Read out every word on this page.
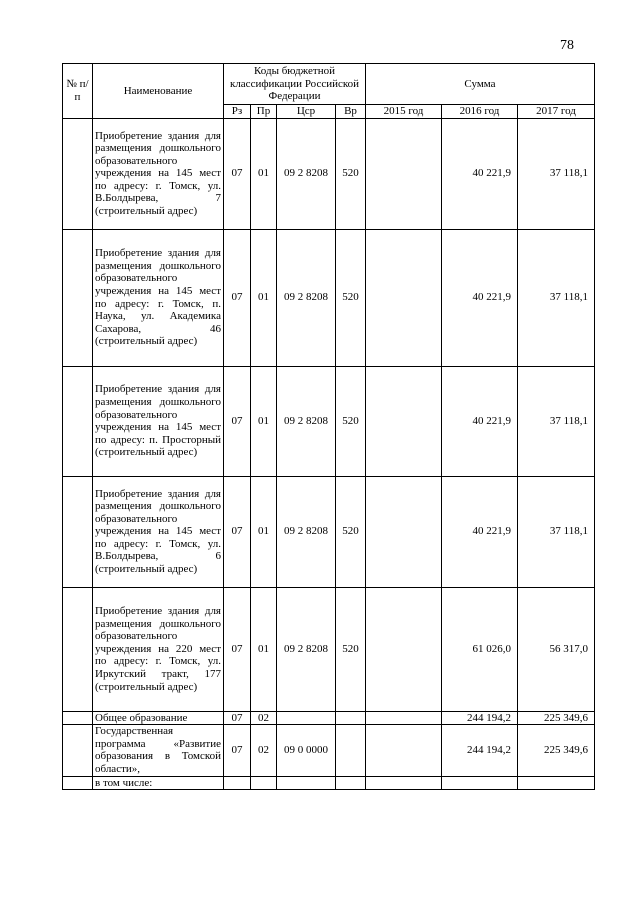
78
№ п/п	Наименование	Коды бюджетной классификации Российской Федерации				Сумма		
		Рз	Пр	Цср	Вр	2015 год	2016 год	2017 год
	Приобретение здания для размещения дошкольного образовательного учреждения на 145 мест по адресу: г. Томск, ул. В.Болдырева, 7 (строительный адрес)	07	01	09 2 8208	520		40 221,9	37 118,1
	Приобретение здания для размещения дошкольного образовательного учреждения на 145 мест по адресу: г. Томск, п. Наука, ул. Академика Сахарова, 46 (строительный адрес)	07	01	09 2 8208	520		40 221,9	37 118,1
	Приобретение здания для размещения дошкольного образовательного учреждения на 145 мест по адресу: п. Просторный (строительный адрес)	07	01	09 2 8208	520		40 221,9	37 118,1
	Приобретение здания для размещения дошкольного образовательного учреждения на 145 мест по адресу: г. Томск, ул. В.Болдырева, 6 (строительный адрес)	07	01	09 2 8208	520		40 221,9	37 118,1
	Приобретение здания для размещения дошкольного образовательного учреждения на 220 мест по адресу: г. Томск, ул. Иркутский тракт, 177 (строительный адрес)	07	01	09 2 8208	520		61 026,0	56 317,0
	Общее образование	07	02				244 194,2	225 349,6
	Государственная программа «Развитие образования в Томской области»,	07	02	09 0 0000			244 194,2	225 349,6
	в том числе:							
